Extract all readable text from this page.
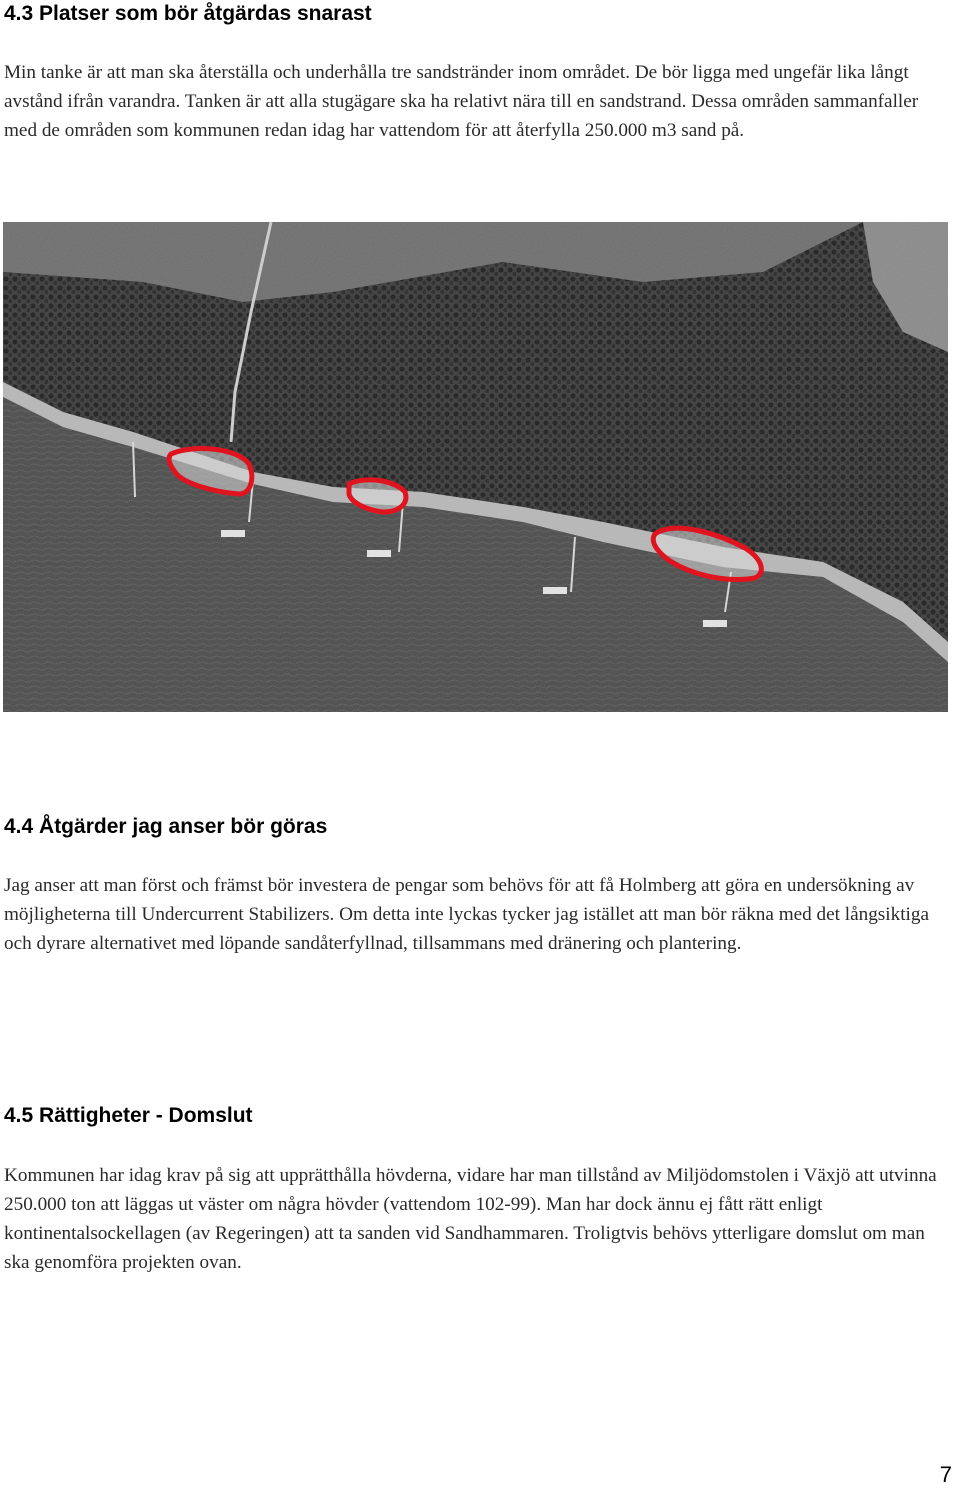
4.3 Platser som bör åtgärdas snarast

Min tanke är att man ska återställa och underhålla tre sandstränder inom området. De bör ligga med ungefär lika långt avstånd ifrån varandra. Tanken är att alla stugägare ska ha relativt nära till en sandstrand. Dessa områden sammanfaller med de områden som kommunen redan idag har vattendom för att återfylla 250.000 m3 sand på.

4.4 Åtgärder jag anser bör göras

Jag anser att man först och främst bör investera de pengar som behövs för att få Holmberg att göra en undersökning av möjligheterna till Undercurrent Stabilizers. Om detta inte lyckas tycker jag istället att man bör räkna med det långsiktiga och dyrare alternativet med löpande sandåterfyllnad, tillsammans med dränering och plantering.

4.5 Rättigheter - Domslut

Kommunen har idag krav på sig att upprätthålla hövderna, vidare har man tillstånd av Miljödomstolen i Växjö att utvinna 250.000 ton att läggas ut väster om några hövder (vattendom 102-99). Man har dock ännu ej fått rätt enligt kontinentalsockellagen (av Regeringen) att ta sanden vid Sandhammaren. Troligtvis behövs ytterligare domslut om man ska genomföra projekten ovan.

7
